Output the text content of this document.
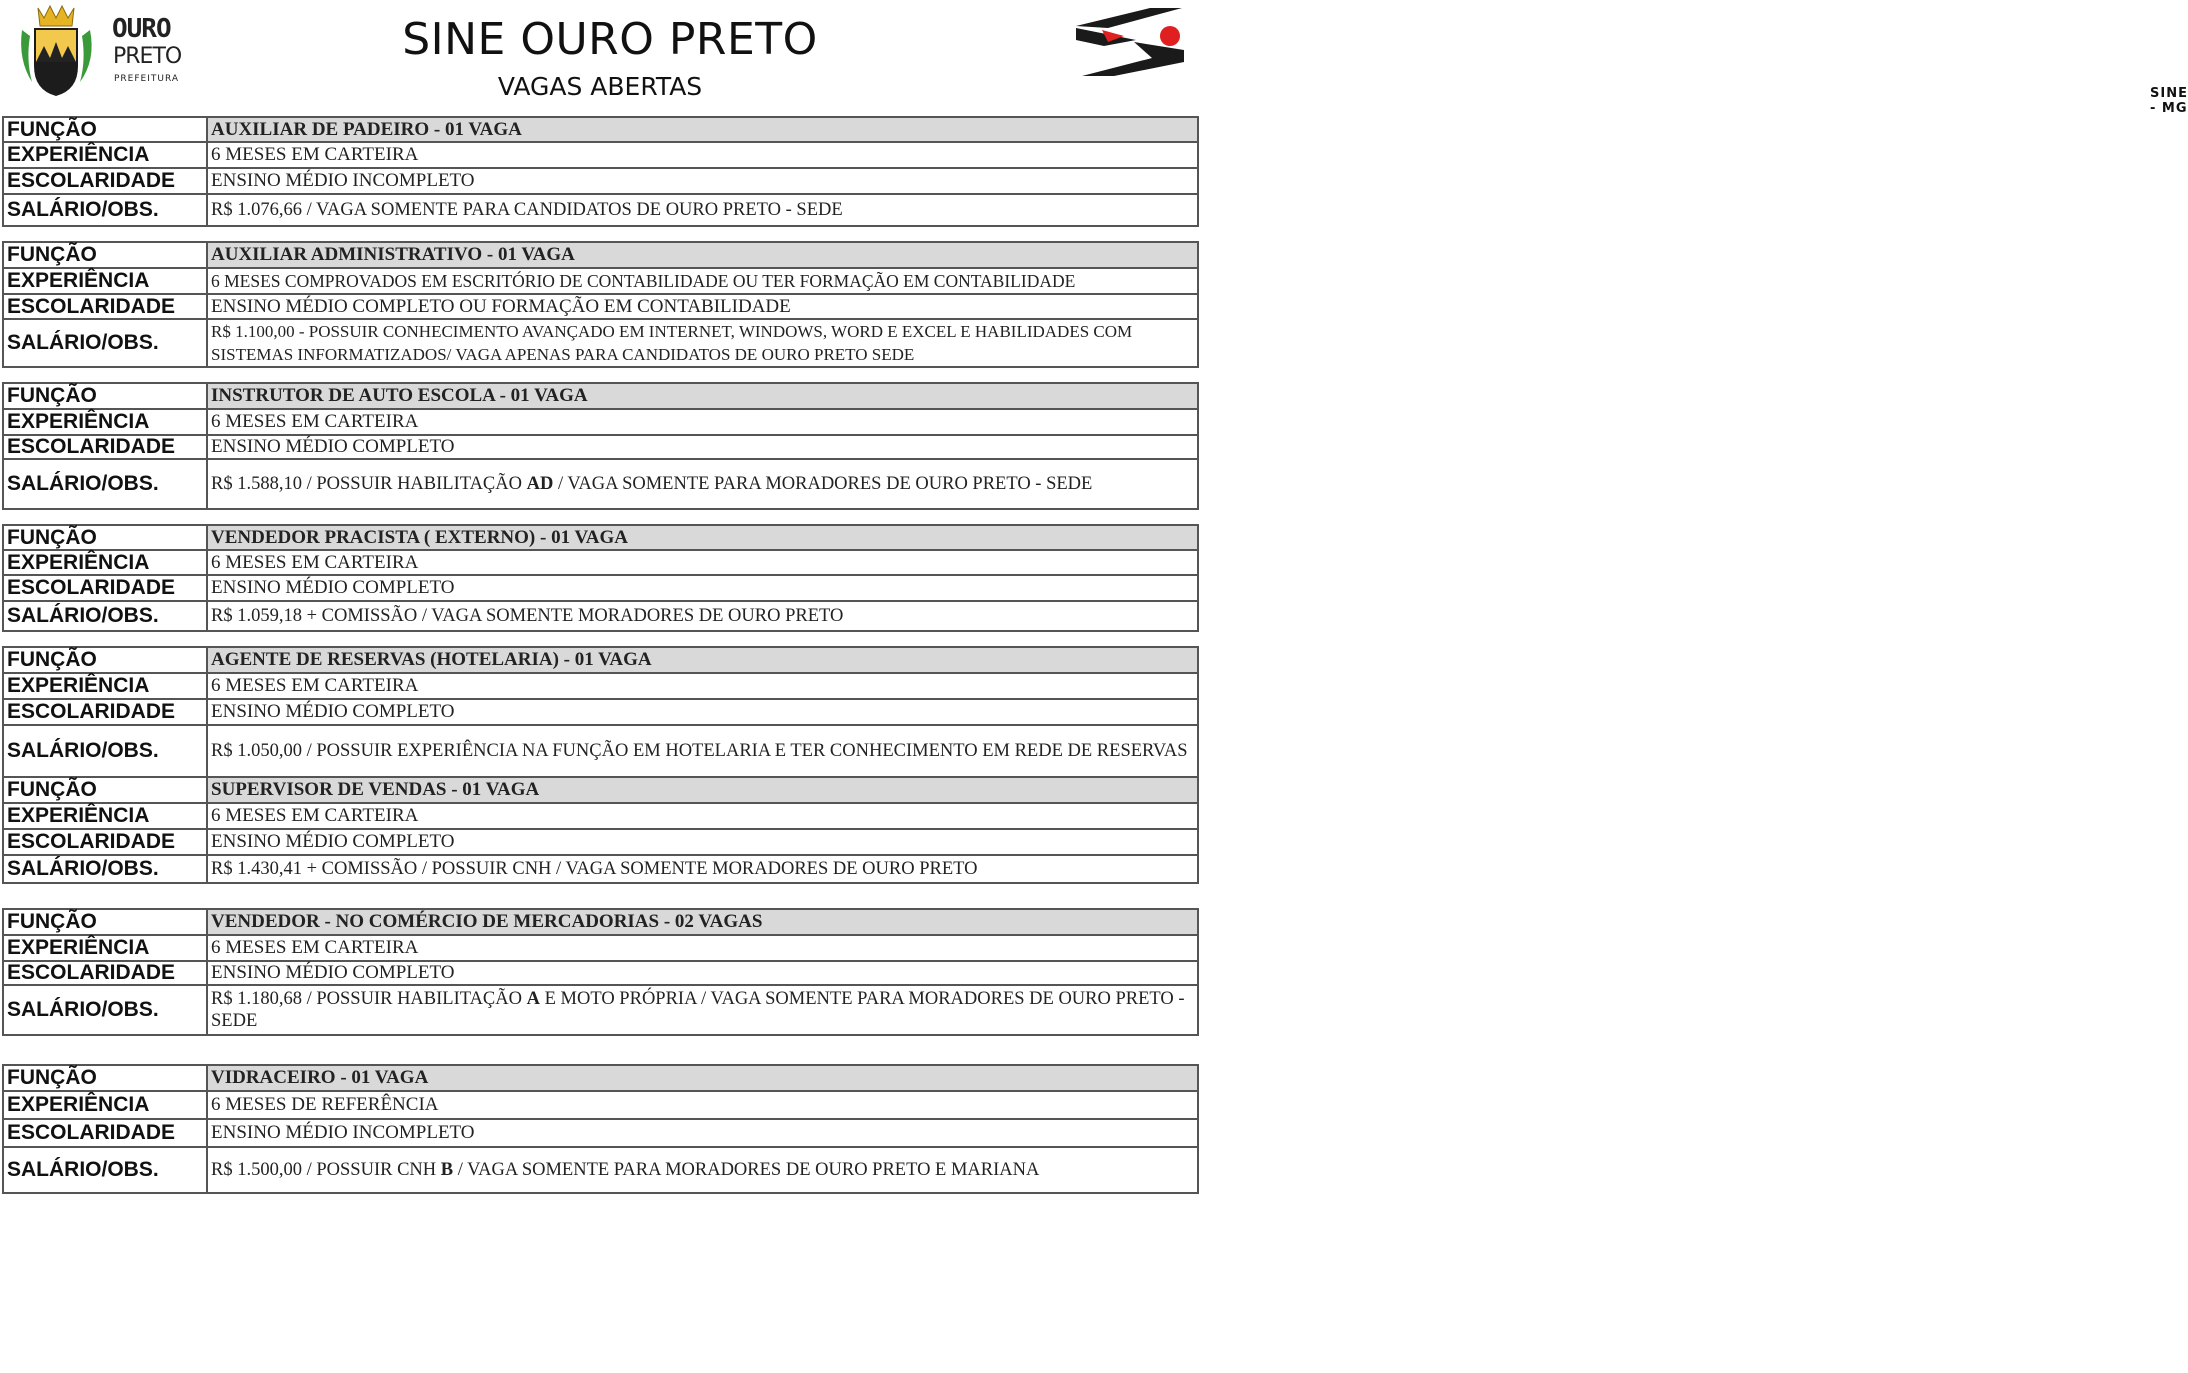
OURO
PRETO
PREFEITURA
SINE OURO PRETO
VAGAS ABERTAS	SINE - MG
FUNÇÃO	AUXILIAR DE PADEIRO - 01 VAGA
EXPERIÊNCIA	6 MESES EM CARTEIRA
ESCOLARIDADE	ENSINO MÉDIO INCOMPLETO
SALÁRIO/OBS.	R$ 1.076,66 / VAGA SOMENTE PARA CANDIDATOS DE OURO PRETO - SEDE
FUNÇÃO	AUXILIAR ADMINISTRATIVO - 01 VAGA
EXPERIÊNCIA	6 MESES COMPROVADOS EM ESCRITÓRIO DE CONTABILIDADE OU TER FORMAÇÃO EM CONTABILIDADE
ESCOLARIDADE	ENSINO MÉDIO COMPLETO OU FORMAÇÃO EM CONTABILIDADE
SALÁRIO/OBS.	R$ 1.100,00 - POSSUIR CONHECIMENTO AVANÇADO EM INTERNET, WINDOWS, WORD E EXCEL E HABILIDADES COM SISTEMAS INFORMATIZADOS/ VAGA APENAS PARA CANDIDATOS DE OURO PRETO SEDE
FUNÇÃO	INSTRUTOR DE AUTO ESCOLA - 01 VAGA
EXPERIÊNCIA	6 MESES EM CARTEIRA
ESCOLARIDADE	ENSINO MÉDIO COMPLETO
SALÁRIO/OBS.	R$ 1.588,10 / POSSUIR HABILITAÇÃO AD / VAGA SOMENTE PARA MORADORES DE OURO PRETO - SEDE
FUNÇÃO	VENDEDOR PRACISTA ( EXTERNO) - 01 VAGA
EXPERIÊNCIA	6 MESES EM CARTEIRA
ESCOLARIDADE	ENSINO MÉDIO COMPLETO
SALÁRIO/OBS.	R$ 1.059,18 + COMISSÃO / VAGA SOMENTE MORADORES DE OURO PRETO
FUNÇÃO	AGENTE DE RESERVAS (HOTELARIA) - 01 VAGA
EXPERIÊNCIA	6 MESES EM CARTEIRA
ESCOLARIDADE	ENSINO MÉDIO COMPLETO
SALÁRIO/OBS.	R$ 1.050,00 / POSSUIR EXPERIÊNCIA NA FUNÇÃO EM HOTELARIA E TER CONHECIMENTO EM REDE DE RESERVAS
FUNÇÃO	SUPERVISOR DE VENDAS - 01 VAGA
EXPERIÊNCIA	6 MESES EM CARTEIRA
ESCOLARIDADE	ENSINO MÉDIO COMPLETO
SALÁRIO/OBS.	R$ 1.430,41 + COMISSÃO / POSSUIR CNH / VAGA SOMENTE MORADORES DE OURO PRETO
FUNÇÃO	VENDEDOR - NO COMÉRCIO DE MERCADORIAS - 02 VAGAS
EXPERIÊNCIA	6 MESES EM CARTEIRA
ESCOLARIDADE	ENSINO MÉDIO COMPLETO
SALÁRIO/OBS.	R$ 1.180,68 / POSSUIR HABILITAÇÃO A E MOTO PRÓPRIA / VAGA SOMENTE PARA MORADORES DE OURO PRETO - SEDE
FUNÇÃO	VIDRACEIRO - 01 VAGA
EXPERIÊNCIA	6 MESES DE REFERÊNCIA
ESCOLARIDADE	ENSINO MÉDIO INCOMPLETO
SALÁRIO/OBS.	R$ 1.500,00 / POSSUIR CNH B / VAGA SOMENTE PARA MORADORES DE OURO PRETO E MARIANA
